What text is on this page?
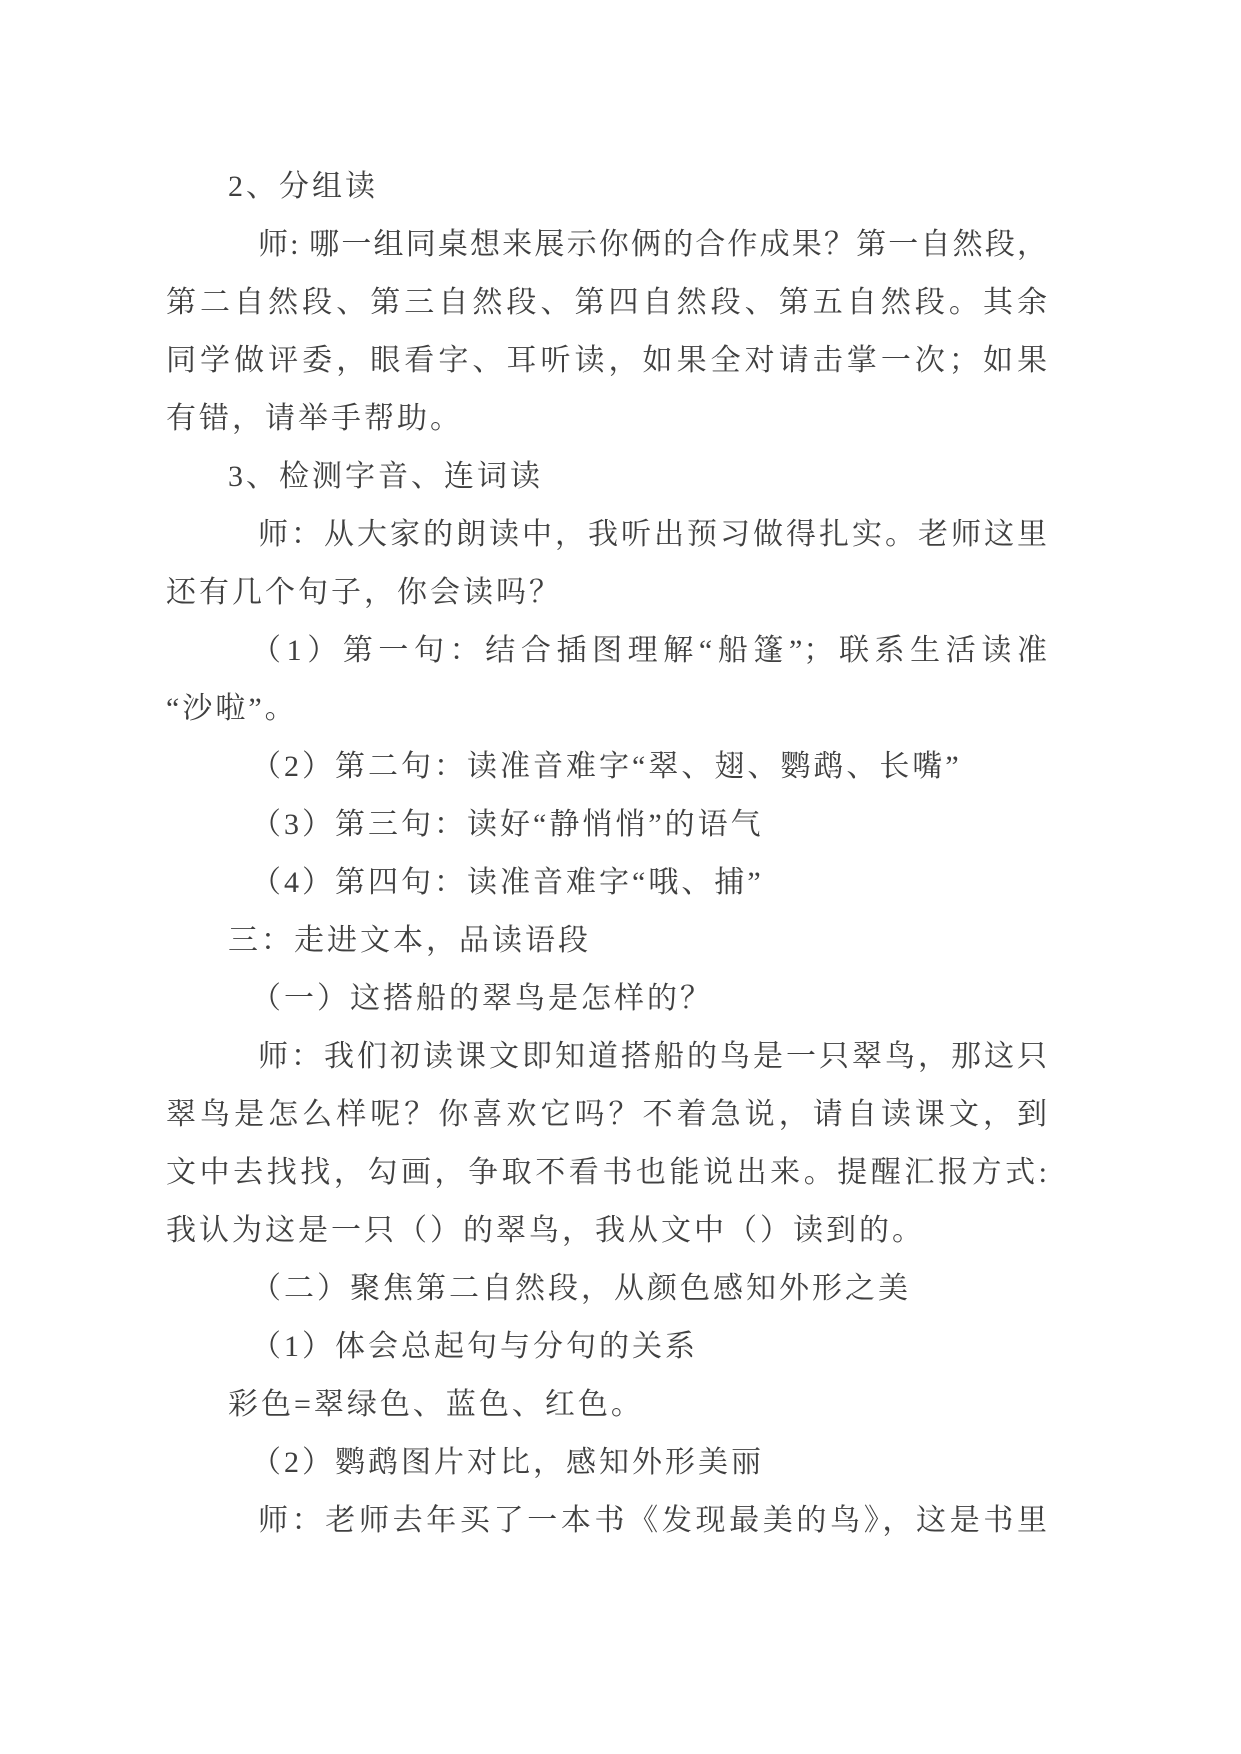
2、分组读
师: 哪一组同桌想来展示你俩的合作成果？第一自然段，
第二自然段、第三自然段、第四自然段、第五自然段。其余
同学做评委，眼看字、耳听读，如果全对请击掌一次；如果
有错，请举手帮助。
3、检测字音、连词读
师：从大家的朗读中，我听出预习做得扎实。老师这里
还有几个句子，你会读吗？
（1）第一句：结合插图理解“船篷”；联系生活读准
“沙啦”。
（2）第二句：读准音难字“翠、翅、鹦鹉、长嘴”
（3）第三句：读好“静悄悄”的语气
（4）第四句：读准音难字“哦、捕”
三：走进文本，品读语段
（一）这搭船的翠鸟是怎样的？
师：我们初读课文即知道搭船的鸟是一只翠鸟，那这只
翠鸟是怎么样呢？你喜欢它吗？不着急说，请自读课文，到
文中去找找，勾画，争取不看书也能说出来。提醒汇报方式:
我认为这是一只（）的翠鸟，我从文中（）读到的。
（二）聚焦第二自然段，从颜色感知外形之美
（1）体会总起句与分句的关系
彩色=翠绿色、蓝色、红色。
（2）鹦鹉图片对比，感知外形美丽
师：老师去年买了一本书《发现最美的鸟》，这是书里
